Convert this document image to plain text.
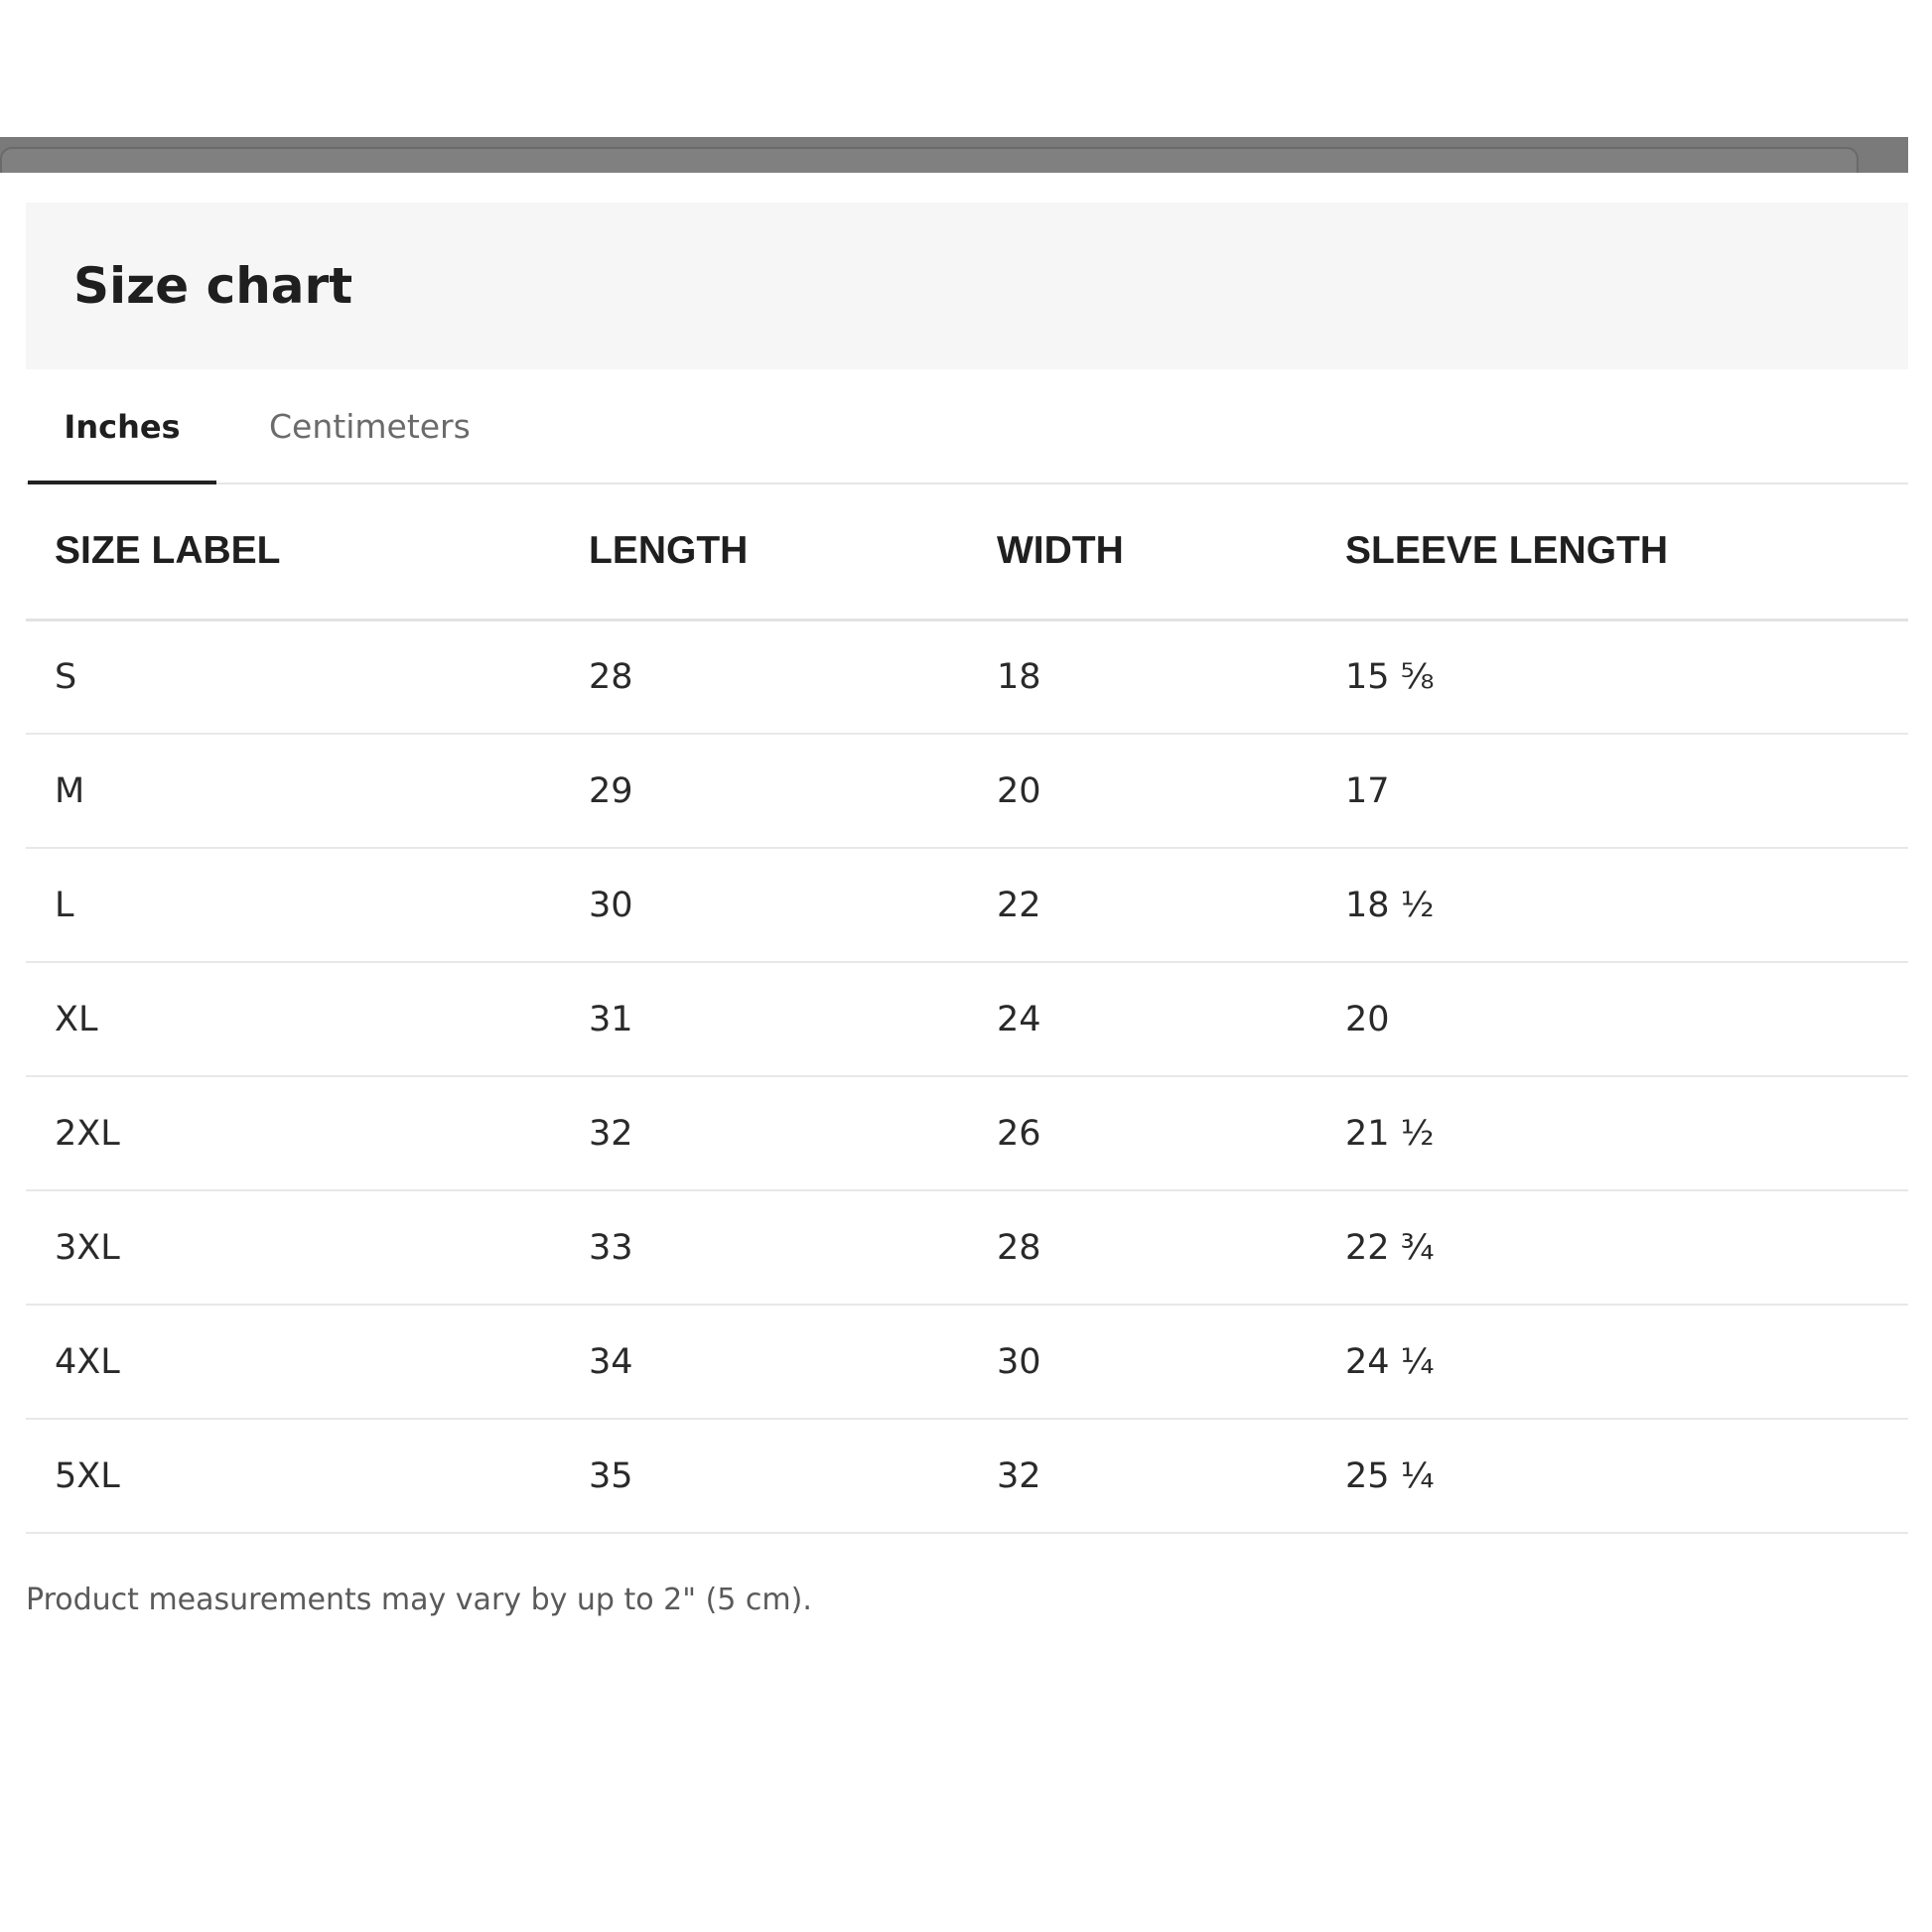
Size chart
Inches	Centimeters
SIZE LABEL	LENGTH	WIDTH	SLEEVE LENGTH
S	28	18	15 ⅝
M	29	20	17
L	30	22	18 ½
XL	31	24	20
2XL	32	26	21 ½
3XL	33	28	22 ¾
4XL	34	30	24 ¼
5XL	35	32	25 ¼

Product measurements may vary by up to 2" (5 cm).
